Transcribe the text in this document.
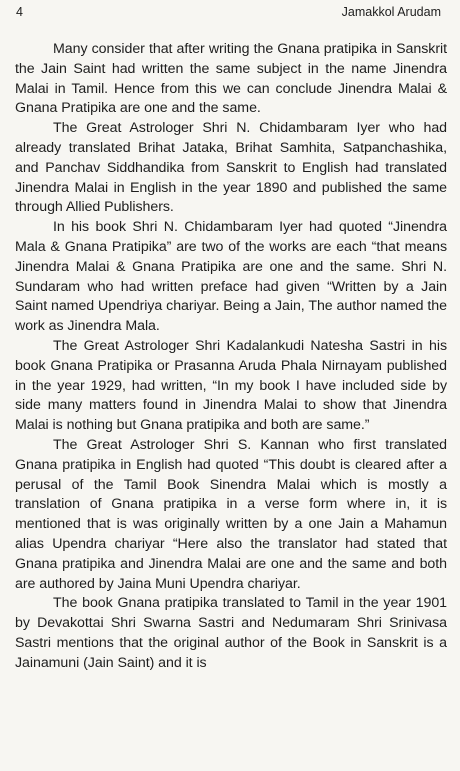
4	Jamakkol Arudam

Many consider that after writing the Gnana pratipika in Sanskrit the Jain Saint had written the same subject in the name Jinendra Malai in Tamil. Hence from this we can conclude Jinendra Malai & Gnana Pratipika are one and the same.

The Great Astrologer Shri N. Chidambaram Iyer who had already translated Brihat Jataka, Brihat Samhita, Satpanchashika, and Panchav Siddhandika from Sanskrit to English had translated Jinendra Malai in English in the year 1890 and published the same through Allied Publishers.

In his book Shri N. Chidambaram Iyer had quoted “Jinendra Mala & Gnana Pratipika” are two of the works are each “that means Jinendra Malai & Gnana Pratipika are one and the same. Shri N. Sundaram who had written preface had given “Written by a Jain Saint named Upendriya chariyar. Being a Jain, The author named the work as Jinendra Mala.

The Great Astrologer Shri Kadalankudi Natesha Sastri in his book Gnana Pratipika or Prasanna Aruda Phala Nirnayam published in the year 1929, had written, “In my book I have included side by side many matters found in Jinendra Malai to show that Jinendra Malai is nothing but Gnana pratipika and both are same.”

The Great Astrologer Shri S. Kannan who first translated Gnana pratipika in English had quoted “This doubt is cleared after a perusal of the Tamil Book Sinendra Malai which is mostly a translation of Gnana pratipika in a verse form where in, it is mentioned that is was originally written by a one Jain a Mahamun alias Upendra chariyar “Here also the translator had stated that Gnana pratipika and Jinendra Malai are one and the same and both are authored by Jaina Muni Upendra chariyar.

The book Gnana pratipika translated to Tamil in the year 1901 by Devakottai Shri Swarna Sastri and Nedumaram Shri Srinivasa Sastri mentions that the original author of the Book in Sanskrit is a Jainamuni (Jain Saint) and it is
